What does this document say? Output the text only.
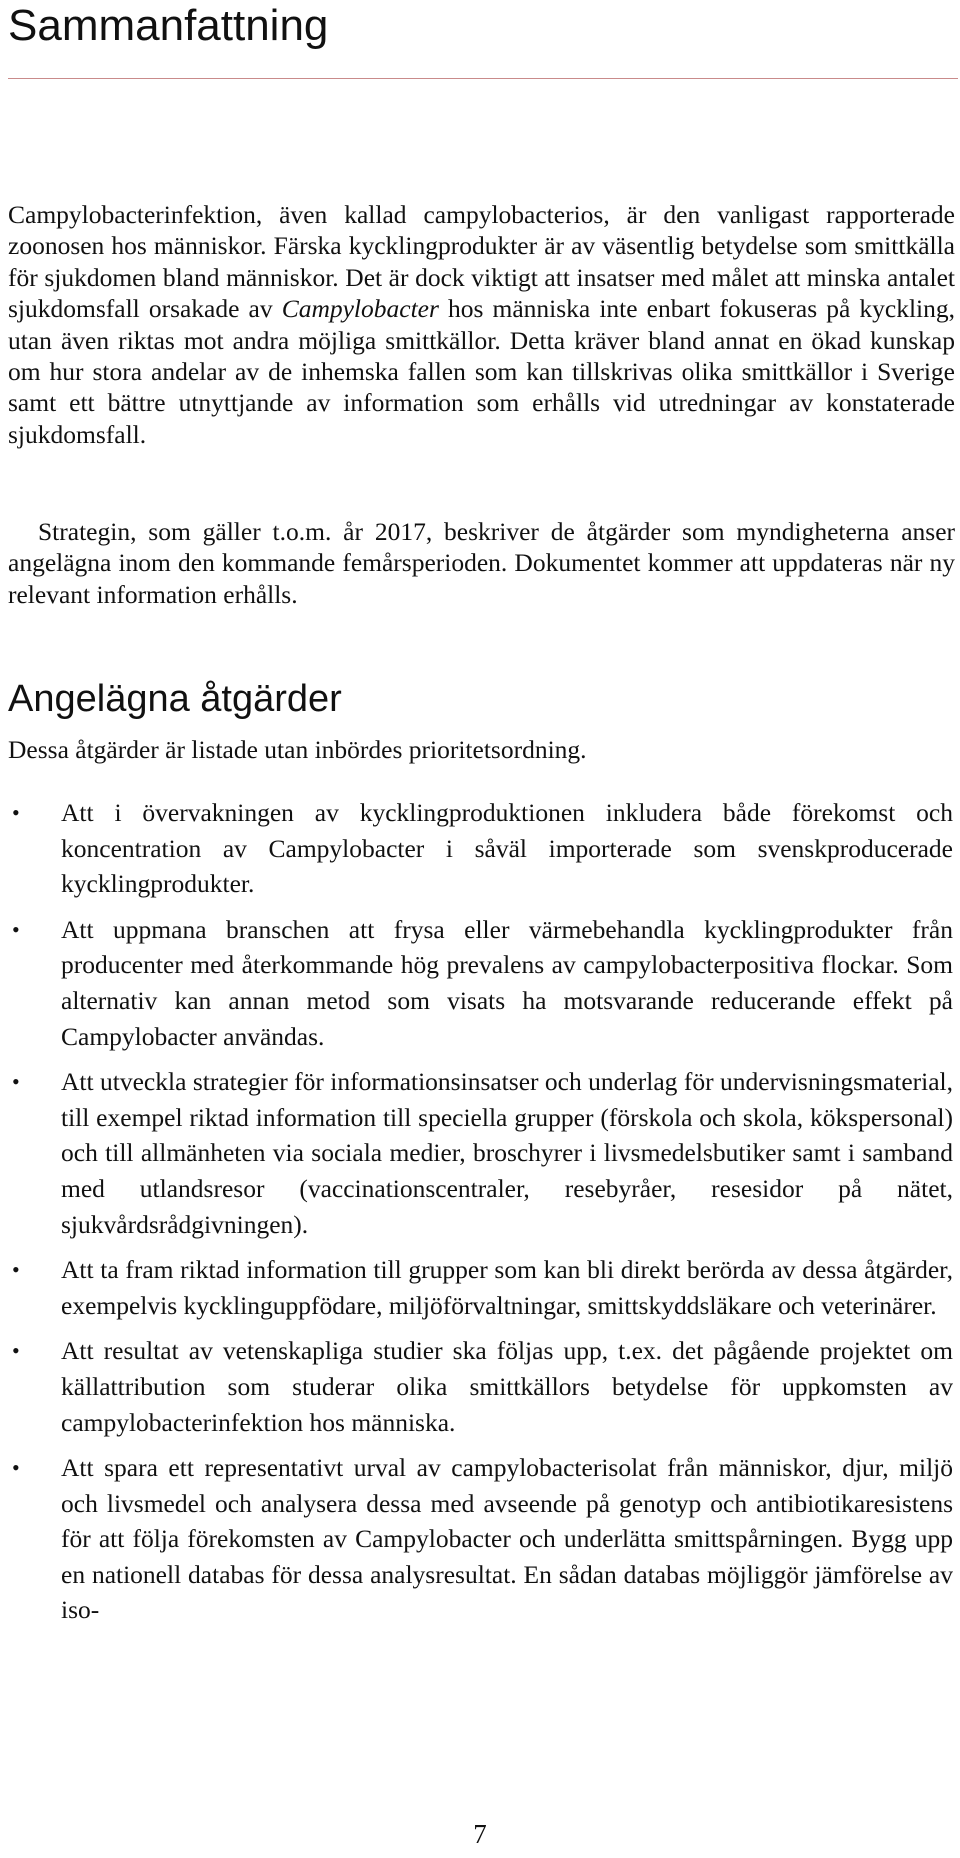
Sammanfattning

Campylobacterinfektion, även kallad campylobacterios, är den vanligast rapporterade zoonosen hos människor. Färska kycklingprodukter är av väsentlig betydelse som smittkälla för sjukdomen bland människor. Det är dock viktigt att insatser med målet att minska antalet sjukdomsfall orsakade av Campylobacter hos människa inte enbart fokuseras på kyckling, utan även riktas mot andra möjliga smittkällor. Detta kräver bland annat en ökad kunskap om hur stora andelar av de inhemska fallen som kan tillskrivas olika smittkällor i Sverige samt ett bättre utnyttjande av information som erhålls vid utredningar av konstaterade sjukdomsfall.

Strategin, som gäller t.o.m. år 2017, beskriver de åtgärder som myndigheterna anser angelägna inom den kommande femårsperioden. Dokumentet kommer att uppdateras när ny relevant information erhålls.

Angelägna åtgärder

Dessa åtgärder är listade utan inbördes prioritetsordning.

• Att i övervakningen av kycklingproduktionen inkludera både förekomst och koncentration av Campylobacter i såväl importerade som svenskproducerade kycklingprodukter.
• Att uppmana branschen att frysa eller värmebehandla kycklingprodukter från producenter med återkommande hög prevalens av campylobacterpositiva flockar. Som alternativ kan annan metod som visats ha motsvarande reducerande effekt på Campylobacter användas.
• Att utveckla strategier för informationsinsatser och underlag för undervisningsmaterial, till exempel riktad information till speciella grupper (förskola och skola, kökspersonal) och till allmänheten via sociala medier, broschyrer i livsmedelsbutiker samt i samband med utlandsresor (vaccinationscentraler, resebyråer, resesidor på nätet, sjukvårdsrådgivningen).
• Att ta fram riktad information till grupper som kan bli direkt berörda av dessa åtgärder, exempelvis kycklinguppfödare, miljöförvaltningar, smittskyddsläkare och veterinärer.
• Att resultat av vetenskapliga studier ska följas upp, t.ex. det pågående projektet om källattribution som studerar olika smittkällors betydelse för uppkomsten av campylobacterinfektion hos människa.
• Att spara ett representativt urval av campylobacterisolat från människor, djur, miljö och livsmedel och analysera dessa med avseende på genotyp och antibiotikaresistens för att följa förekomsten av Campylobacter och underlätta smittspårningen. Bygg upp en nationell databas för dessa analysresultat. En sådan databas möjliggör jämförelse av iso-
7
